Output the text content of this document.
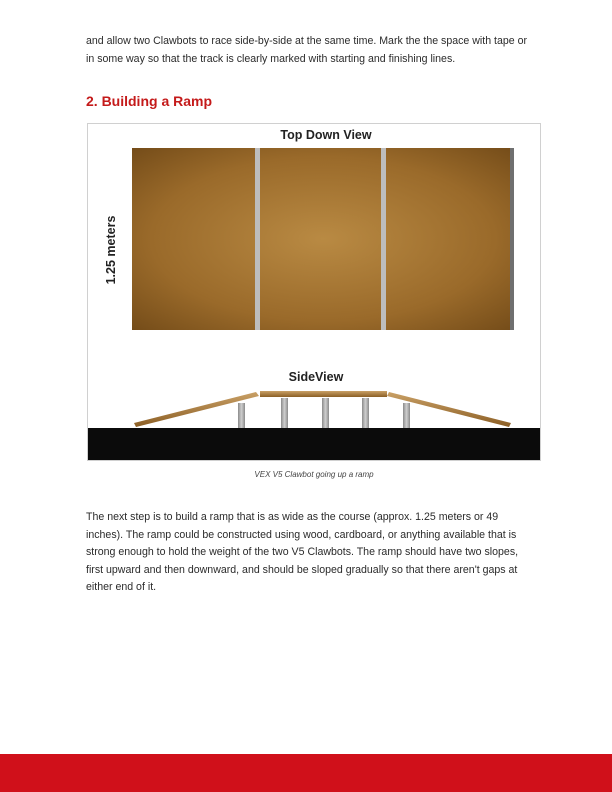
and allow two Clawbots to race side-by-side at the same time. Mark the the space with tape or in some way so that the track is clearly marked with starting and finishing lines.

2. Building a Ramp
Top Down View
1.25 meters
SideView
VEX V5 Clawbot going up a ramp

The next step is to build a ramp that is as wide as the course (approx. 1.25 meters or 49 inches). The ramp could be constructed using wood, cardboard, or anything available that is strong enough to hold the weight of the two V5 Clawbots. The ramp should have two slopes, first upward and then downward, and should be sloped gradually so that there aren't gaps at either end of it.
